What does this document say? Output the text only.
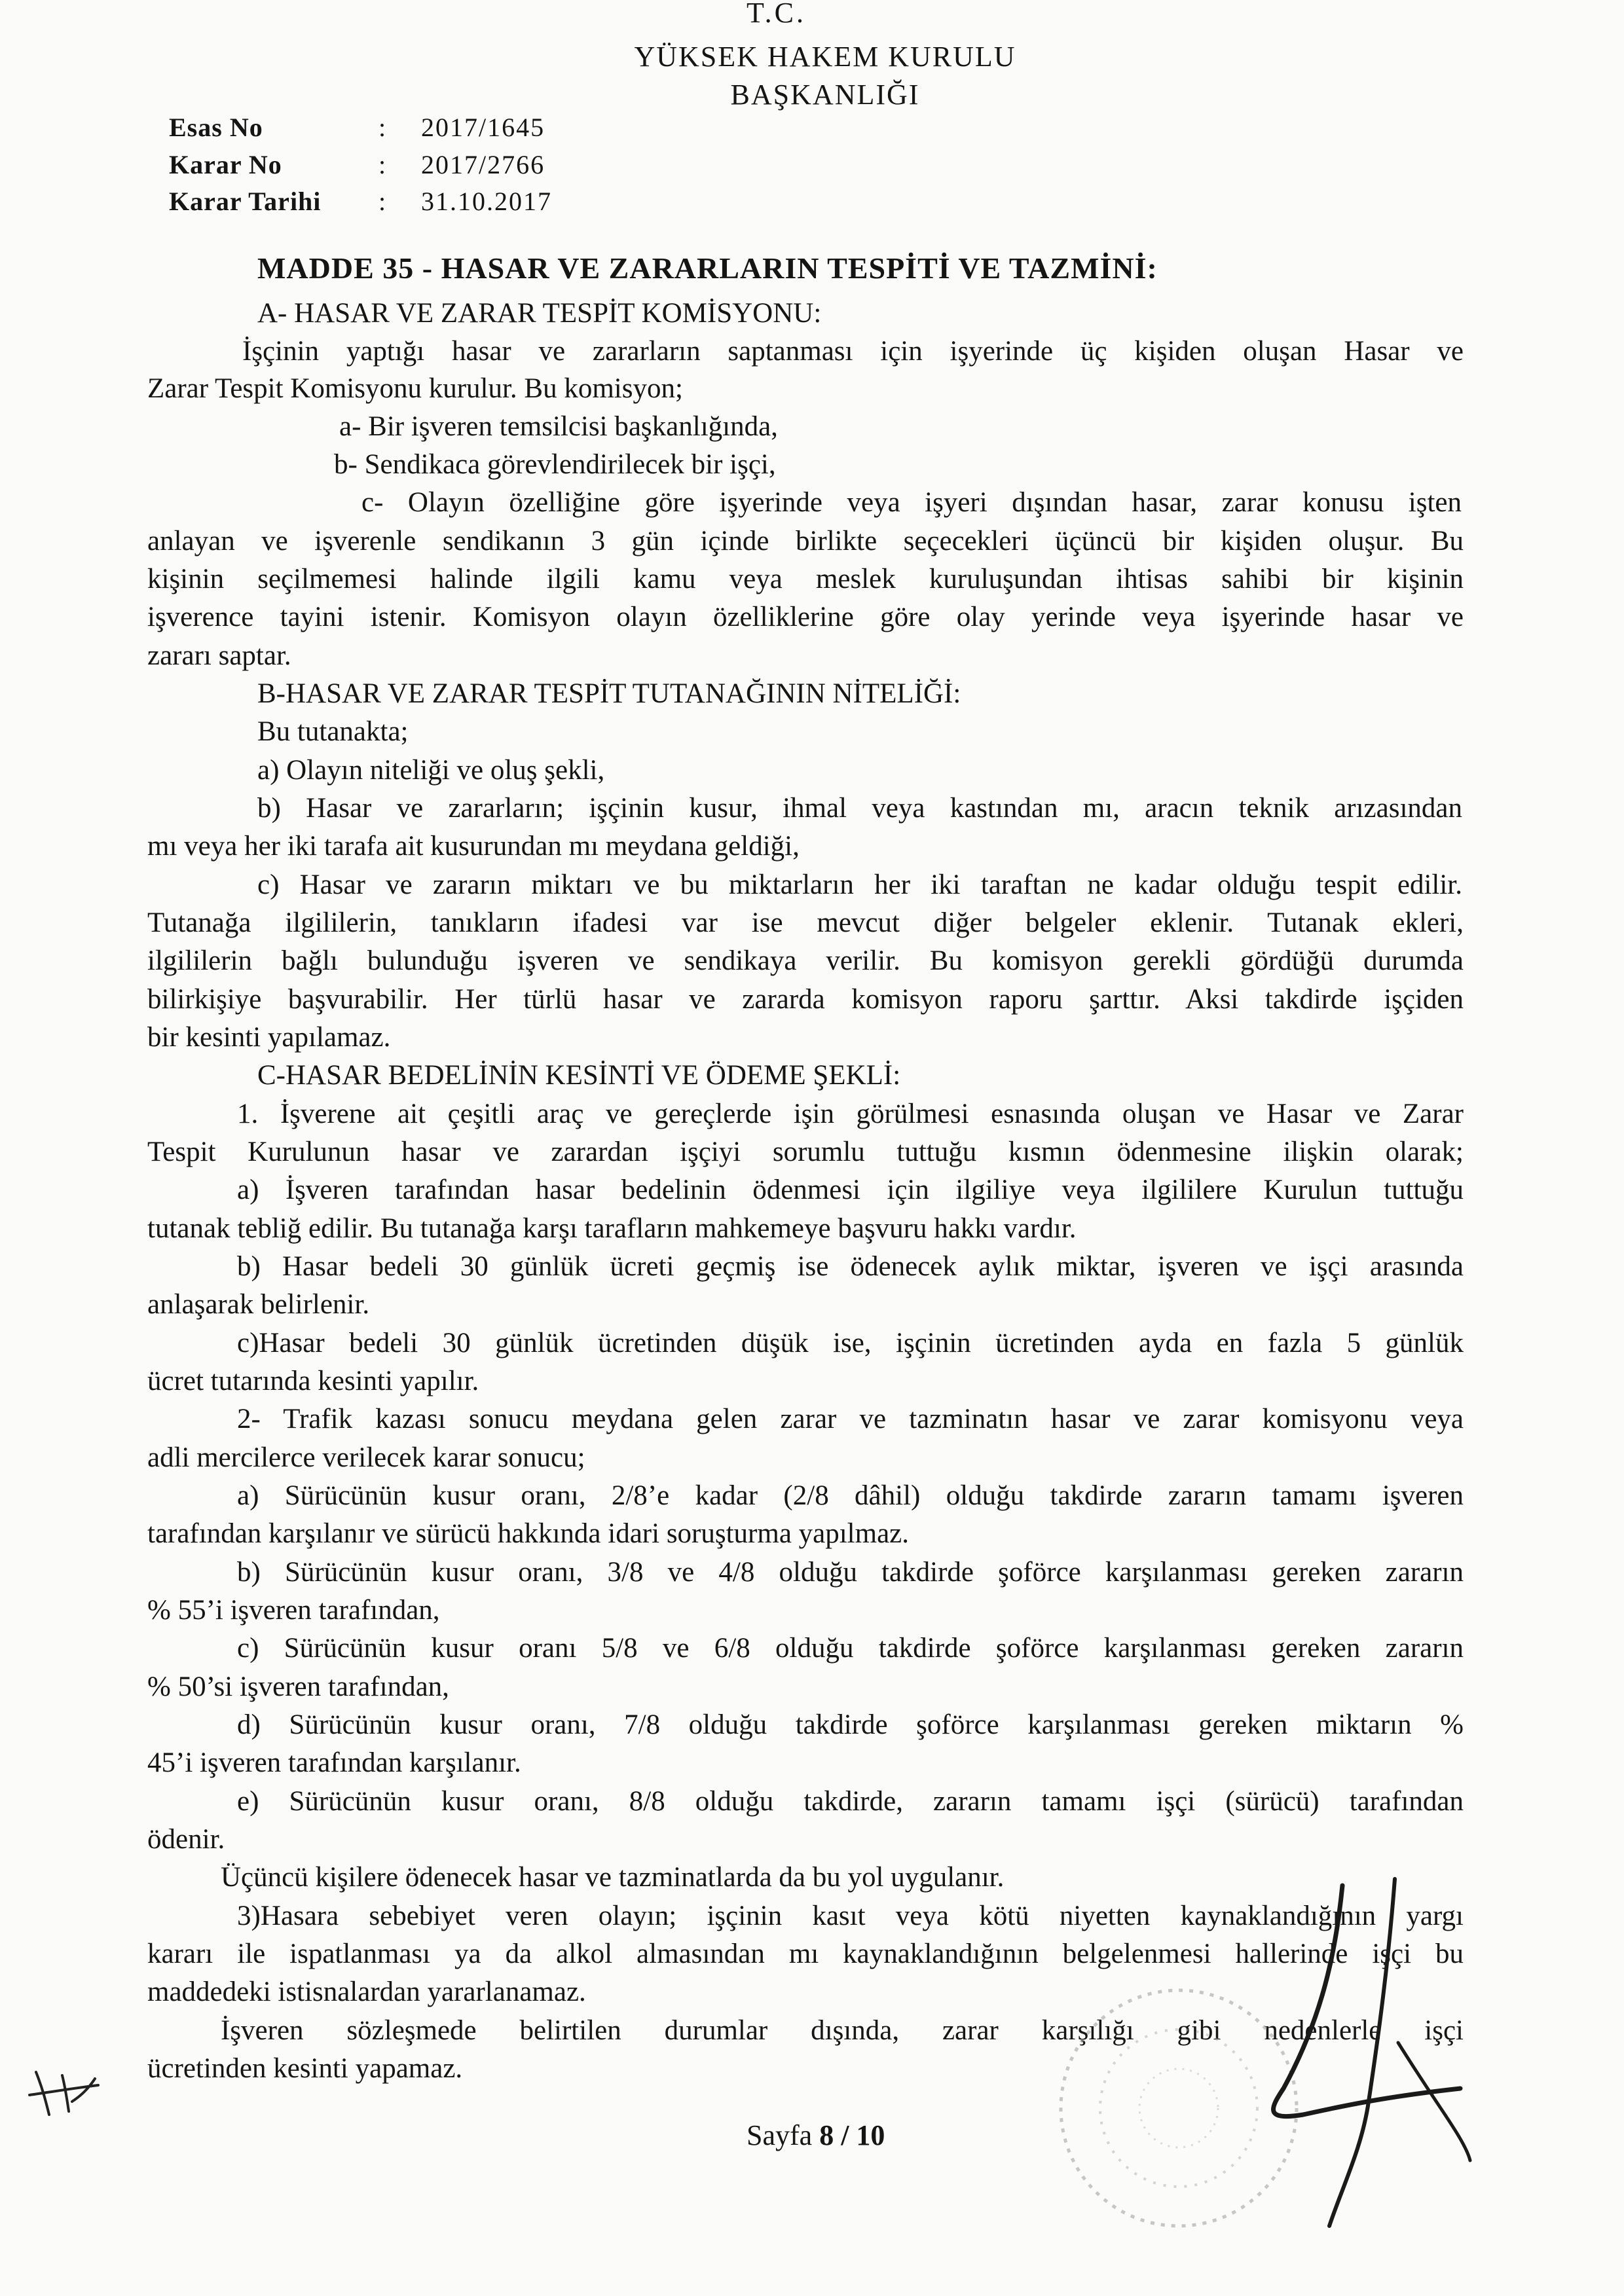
T.C.
YÜKSEK HAKEM KURULU
BAŞKANLIĞI
Esas No	: 2017/1645
Karar No	: 2017/2766
Karar Tarihi : 31.10.2017
MADDE 35 - HASAR VE ZARARLARIN TESPİTİ VE TAZMİNİ:
A- HASAR VE ZARAR TESPİT KOMİSYONU:
İşçinin yaptığı hasar ve zararların saptanması için işyerinde üç kişiden oluşan Hasar ve
Zarar Tespit Komisyonu kurulur. Bu komisyon;
a- Bir işveren temsilcisi başkanlığında,
b- Sendikaca görevlendirilecek bir işçi,
c- Olayın özelliğine göre işyerinde veya işyeri dışından hasar, zarar konusu işten
anlayan ve işverenle sendikanın 3 gün içinde birlikte seçecekleri üçüncü bir kişiden oluşur. Bu
kişinin seçilmemesi halinde ilgili kamu veya meslek kuruluşundan ihtisas sahibi bir kişinin
işverence tayini istenir. Komisyon olayın özelliklerine göre olay yerinde veya işyerinde hasar ve
zararı saptar.
B-HASAR VE ZARAR TESPİT TUTANAĞININ NİTELİĞİ:
Bu tutanakta;
a) Olayın niteliği ve oluş şekli,
b) Hasar ve zararların; işçinin kusur, ihmal veya kastından mı, aracın teknik arızasından
mı veya her iki tarafa ait kusurundan mı meydana geldiği,
c) Hasar ve zararın miktarı ve bu miktarların her iki taraftan ne kadar olduğu tespit edilir.
Tutanağa ilgililerin, tanıkların ifadesi var ise mevcut diğer belgeler eklenir. Tutanak ekleri,
ilgililerin bağlı bulunduğu işveren ve sendikaya verilir. Bu komisyon gerekli gördüğü durumda
bilirkişiye başvurabilir. Her türlü hasar ve zararda komisyon raporu şarttır. Aksi takdirde işçiden
bir kesinti yapılamaz.
C-HASAR BEDELİNİN KESİNTİ VE ÖDEME ŞEKLİ:
1. İşverene ait çeşitli araç ve gereçlerde işin görülmesi esnasında oluşan ve Hasar ve Zarar
Tespit Kurulunun hasar ve zarardan işçiyi sorumlu tuttuğu kısmın ödenmesine ilişkin olarak;
a) İşveren tarafından hasar bedelinin ödenmesi için ilgiliye veya ilgililere Kurulun tuttuğu
tutanak tebliğ edilir. Bu tutanağa karşı tarafların mahkemeye başvuru hakkı vardır.
b) Hasar bedeli 30 günlük ücreti geçmiş ise ödenecek aylık miktar, işveren ve işçi arasında
anlaşarak belirlenir.
c)Hasar bedeli 30 günlük ücretinden düşük ise, işçinin ücretinden ayda en fazla 5 günlük
ücret tutarında kesinti yapılır.
2- Trafik kazası sonucu meydana gelen zarar ve tazminatın hasar ve zarar komisyonu veya
adli mercilerce verilecek karar sonucu;
a) Sürücünün kusur oranı, 2/8’e kadar (2/8 dâhil) olduğu takdirde zararın tamamı işveren
tarafından karşılanır ve sürücü hakkında idari soruşturma yapılmaz.
b) Sürücünün kusur oranı, 3/8 ve 4/8 olduğu takdirde şoförce karşılanması gereken zararın
% 55’i işveren tarafından,
c) Sürücünün kusur oranı 5/8 ve 6/8 olduğu takdirde şoförce karşılanması gereken zararın
% 50’si işveren tarafından,
d) Sürücünün kusur oranı, 7/8 olduğu takdirde şoförce karşılanması gereken miktarın %
45’i işveren tarafından karşılanır.
e) Sürücünün kusur oranı, 8/8 olduğu takdirde, zararın tamamı işçi (sürücü) tarafından
ödenir.
Üçüncü kişilere ödenecek hasar ve tazminatlarda da bu yol uygulanır.
3)Hasara sebebiyet veren olayın; işçinin kasıt veya kötü niyetten kaynaklandığının yargı
kararı ile ispatlanması ya da alkol almasından mı kaynaklandığının belgelenmesi hallerinde işçi bu
maddedeki istisnalardan yararlanamaz.
İşveren sözleşmede belirtilen durumlar dışında, zarar karşılığı gibi nedenlerle işçi
ücretinden kesinti yapamaz.
Sayfa 8 / 10
